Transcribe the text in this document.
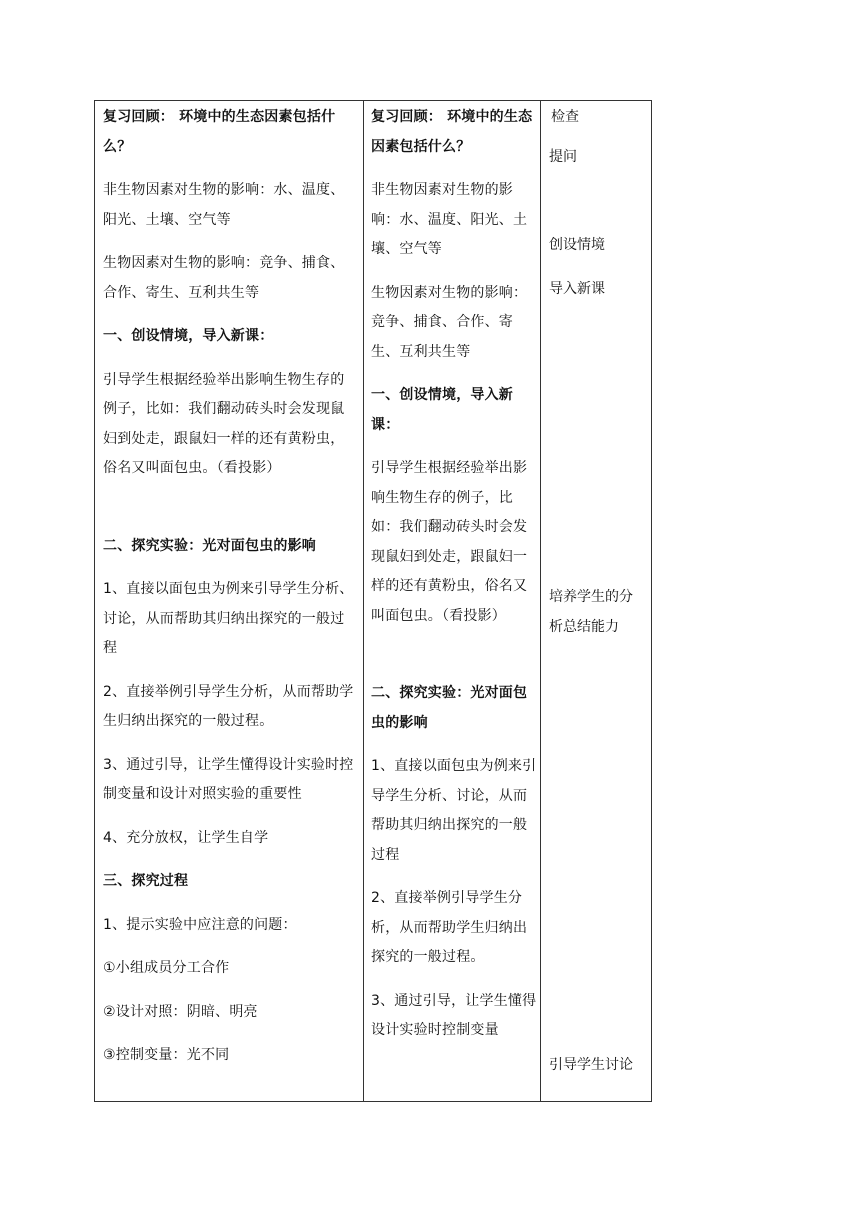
复习回顾： 环境中的生态因素包括什么？

非生物因素对生物的影响：水、温度、阳光、土壤、空气等

生物因素对生物的影响：竞争、捕食、合作、寄生、互利共生等

一、创设情境，导入新课：

引导学生根据经验举出影响生物生存的例子，比如：我们翻动砖头时会发现鼠妇到处走，跟鼠妇一样的还有黄粉虫，俗名又叫面包虫。（看投影）

二、探究实验：光对面包虫的影响

1、直接以面包虫为例来引导学生分析、讨论，从而帮助其归纳出探究的一般过程

2、直接举例引导学生分析，从而帮助学生归纳出探究的一般过程。

3、通过引导，让学生懂得设计实验时控制变量和设计对照实验的重要性

4、充分放权，让学生自学

三、探究过程

1、提示实验中应注意的问题：

①小组成员分工合作

②设计对照：阴暗、明亮

③控制变量：光不同

复习回顾： 环境中的生态因素包括什么？

非生物因素对生物的影响：水、温度、阳光、土壤、空气等

生物因素对生物的影响：竞争、捕食、合作、寄生、互利共生等

一、创设情境，导入新课：

引导学生根据经验举出影响生物生存的例子，比如：我们翻动砖头时会发现鼠妇到处走，跟鼠妇一样的还有黄粉虫，俗名又叫面包虫。（看投影）

二、探究实验：光对面包虫的影响

1、直接以面包虫为例来引导学生分析、讨论，从而帮助其归纳出探究的一般过程

2、直接举例引导学生分析，从而帮助学生归纳出探究的一般过程。

3、通过引导，让学生懂得设计实验时控制变量

检查

提问

创设情境

导入新课

培养学生的分析总结能力

引导学生讨论
